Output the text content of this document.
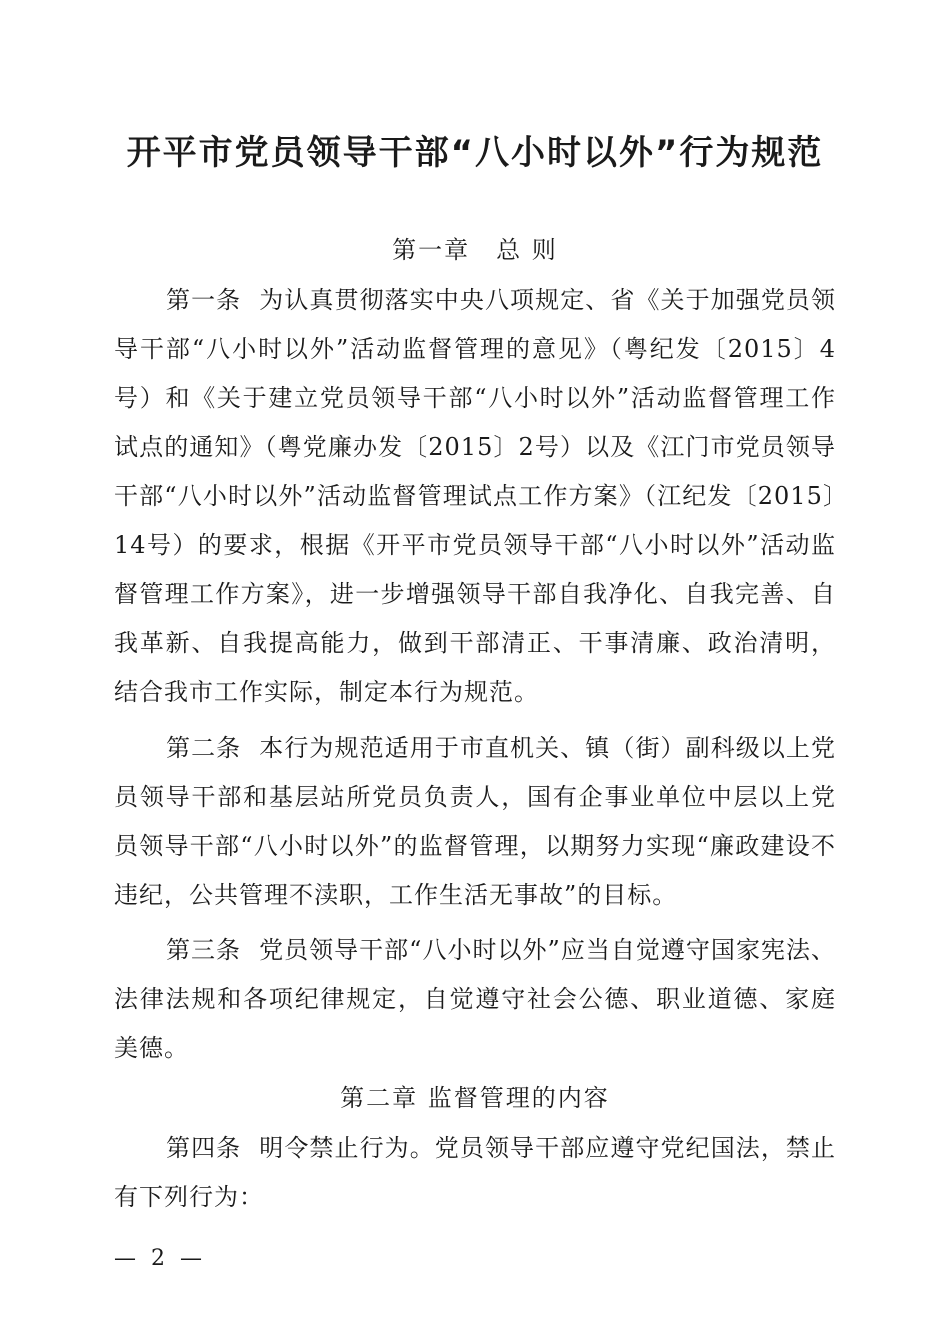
开平市党员领导干部“八小时以外”行为规范
第一章　总 则
第一条 为认真贯彻落实中央八项规定、省《关于加强党员领导干部“八小时以外”活动监督管理的意见》（粤纪发〔2015〕4号）和《关于建立党员领导干部“八小时以外”活动监督管理工作试点的通知》（粤党廉办发〔2015〕2号）以及《江门市党员领导干部“八小时以外”活动监督管理试点工作方案》（江纪发〔2015〕14号）的要求，根据《开平市党员领导干部“八小时以外”活动监督管理工作方案》，进一步增强领导干部自我净化、自我完善、自我革新、自我提高能力，做到干部清正、干事清廉、政治清明，结合我市工作实际，制定本行为规范。
第二条 本行为规范适用于市直机关、镇（街）副科级以上党员领导干部和基层站所党员负责人，国有企事业单位中层以上党员领导干部“八小时以外”的监督管理，以期努力实现“廉政建设不违纪，公共管理不渎职，工作生活无事故”的目标。
第三条 党员领导干部“八小时以外”应当自觉遵守国家宪法、法律法规和各项纪律规定，自觉遵守社会公德、职业道德、家庭美德。
第二章 监督管理的内容
第四条 明令禁止行为。党员领导干部应遵守党纪国法，禁止有下列行为：
— 2 —
